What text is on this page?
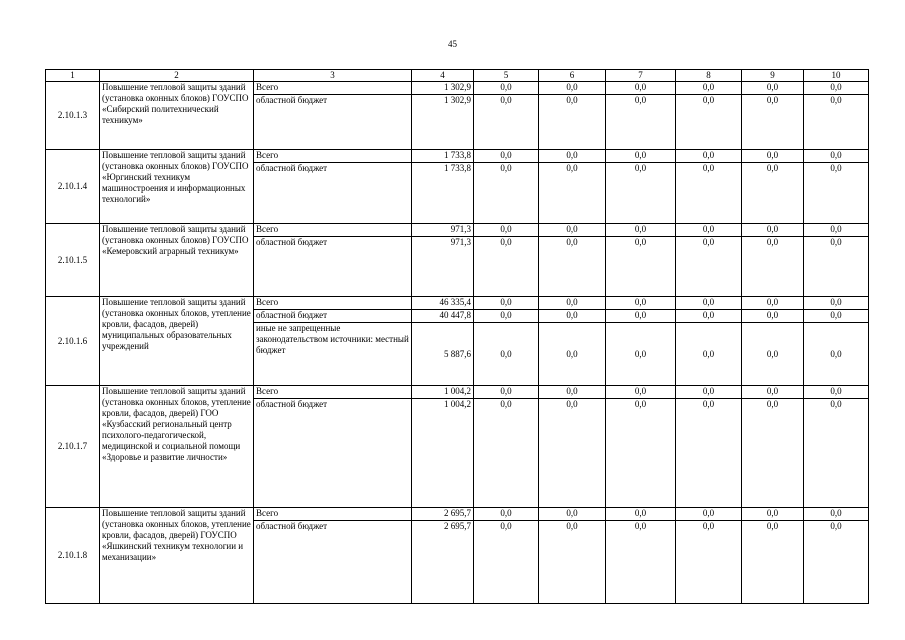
45
1	2	3	4	5	6	7	8	9	10
2.10.1.3	Повышение тепловой защиты зданий (установка оконных блоков) ГОУСПО «Сибирский политехнический техникум»	Всего	1 302,9	0,0	0,0	0,0	0,0	0,0	0,0
		областной бюджет	1 302,9	0,0	0,0	0,0	0,0	0,0	0,0
2.10.1.4	Повышение тепловой защиты зданий (установка оконных блоков) ГОУСПО «Юргинский техникум машиностроения и информационных технологий»	Всего	1 733,8	0,0	0,0	0,0	0,0	0,0	0,0
		областной бюджет	1 733,8	0,0	0,0	0,0	0,0	0,0	0,0
2.10.1.5	Повышение тепловой защиты зданий (установка оконных блоков) ГОУСПО «Кемеровский аграрный техникум»	Всего	971,3	0,0	0,0	0,0	0,0	0,0	0,0
		областной бюджет	971,3	0,0	0,0	0,0	0,0	0,0	0,0
2.10.1.6	Повышение тепловой защиты зданий (установка оконных блоков, утепление кровли, фасадов, дверей) муниципальных образовательных учреждений	Всего	46 335,4	0,0	0,0	0,0	0,0	0,0	0,0
		областной бюджет	40 447,8	0,0	0,0	0,0	0,0	0,0	0,0
		иные не запрещенные законодательством источники: местный бюджет	5 887,6	0,0	0,0	0,0	0,0	0,0	0,0
2.10.1.7	Повышение тепловой защиты зданий (установка оконных блоков, утепление кровли, фасадов, дверей) ГОО «Кузбасский региональный центр психолого-педагогической, медицинской и социальной помощи «Здоровье и развитие личности»	Всего	1 004,2	0,0	0,0	0,0	0,0	0,0	0,0
		областной бюджет	1 004,2	0,0	0,0	0,0	0,0	0,0	0,0
2.10.1.8	Повышение тепловой защиты зданий (установка оконных блоков, утепление кровли, фасадов, дверей) ГОУСПО «Яшкинский техникум технологии и механизации»	Всего	2 695,7	0,0	0,0	0,0	0,0	0,0	0,0
		областной бюджет	2 695,7	0,0	0,0	0,0	0,0	0,0	0,0
